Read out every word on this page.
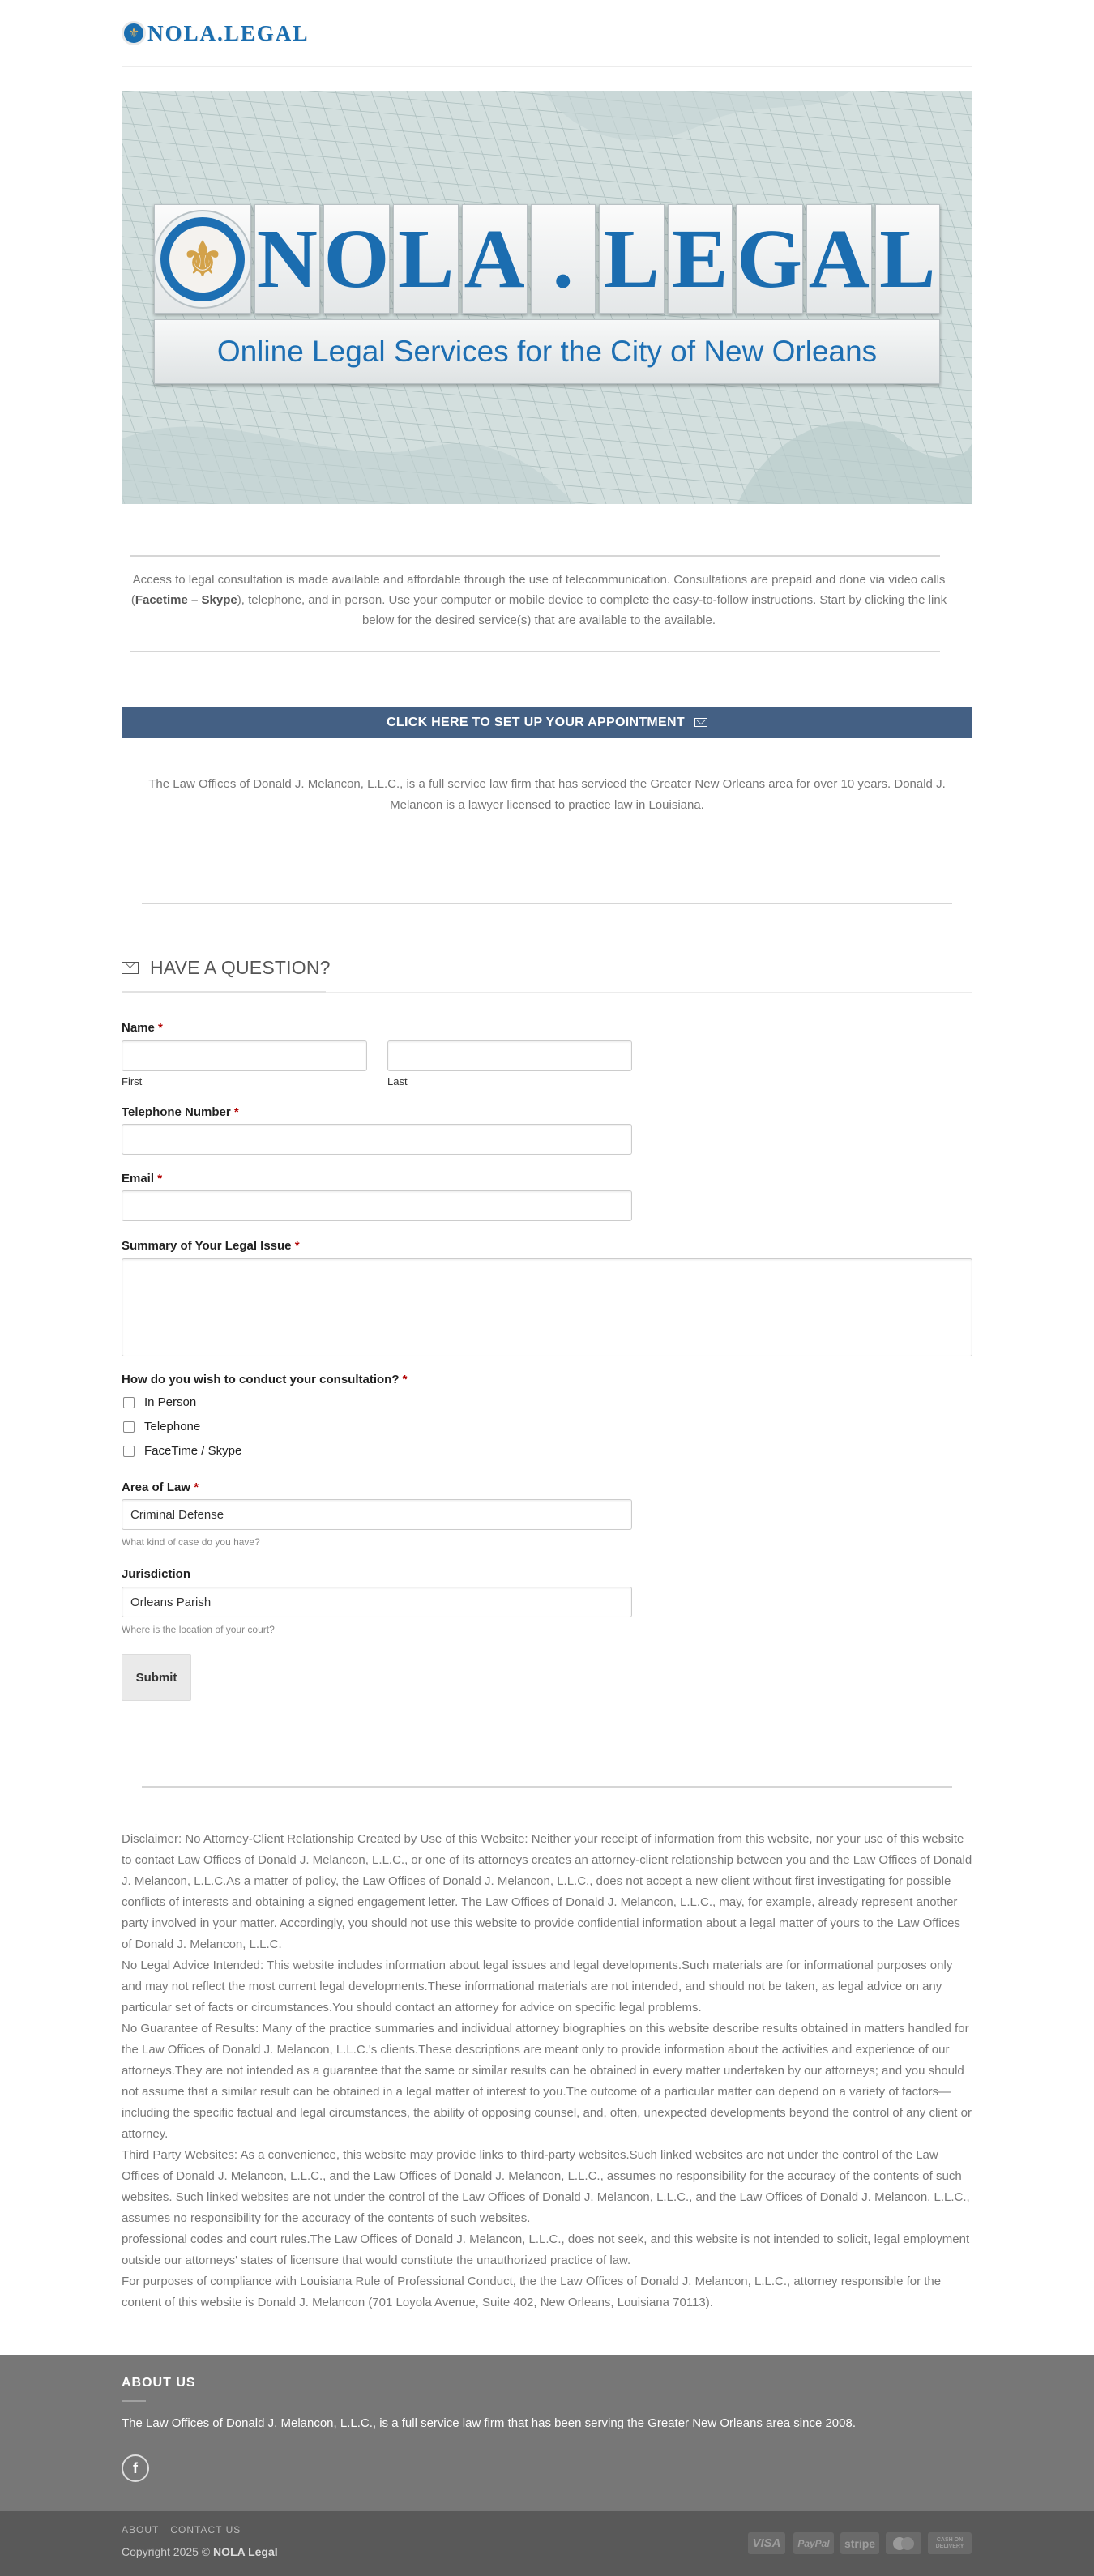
⚜ NOLA.LEGAL
⚜ N O L A . L E G A L
Online Legal Services for the City of New Orleans
Access to legal consultation is made available and affordable through the use of telecommunication. Consultations are prepaid and done via video calls (Facetime – Skype), telephone, and in person. Use your computer or mobile device to complete the easy-to-follow instructions. Start by clicking the link below for the desired service(s) that are available to the available.
CLICK HERE TO SET UP YOUR APPOINTMENT
The Law Offices of Donald J. Melancon, L.L.C., is a full service law firm that has serviced the Greater New Orleans area for over 10 years. Donald J. Melancon is a lawyer licensed to practice law in Louisiana.
HAVE A QUESTION?
Name *
First	Last
Telephone Number *
Email *
Summary of Your Legal Issue *
How do you wish to conduct your consultation? *
In Person
Telephone
FaceTime / Skype
Area of Law *
Criminal Defense
What kind of case do you have?
Jurisdiction
Orleans Parish
Where is the location of your court?
Submit
Disclaimer: No Attorney-Client Relationship Created by Use of this Website: Neither your receipt of information from this website, nor your use of this website to contact Law Offices of Donald J. Melancon, L.L.C., or one of its attorneys creates an attorney-client relationship between you and the Law Offices of Donald J. Melancon, L.L.C.As a matter of policy, the Law Offices of Donald J. Melancon, L.L.C., does not accept a new client without first investigating for possible conflicts of interests and obtaining a signed engagement letter. The Law Offices of Donald J. Melancon, L.L.C., may, for example, already represent another party involved in your matter. Accordingly, you should not use this website to provide confidential information about a legal matter of yours to the Law Offices of Donald J. Melancon, L.L.C.
No Legal Advice Intended: This website includes information about legal issues and legal developments.Such materials are for informational purposes only and may not reflect the most current legal developments.These informational materials are not intended, and should not be taken, as legal advice on any particular set of facts or circumstances.You should contact an attorney for advice on specific legal problems.
No Guarantee of Results: Many of the practice summaries and individual attorney biographies on this website describe results obtained in matters handled for the Law Offices of Donald J. Melancon, L.L.C.'s clients.These descriptions are meant only to provide information about the activities and experience of our attorneys.They are not intended as a guarantee that the same or similar results can be obtained in every matter undertaken by our attorneys; and you should not assume that a similar result can be obtained in a legal matter of interest to you.The outcome of a particular matter can depend on a variety of factors—including the specific factual and legal circumstances, the ability of opposing counsel, and, often, unexpected developments beyond the control of any client or attorney.
Third Party Websites: As a convenience, this website may provide links to third-party websites.Such linked websites are not under the control of the Law Offices of Donald J. Melancon, L.L.C., and the Law Offices of Donald J. Melancon, L.L.C., assumes no responsibility for the accuracy of the contents of such websites. Such linked websites are not under the control of the Law Offices of Donald J. Melancon, L.L.C., and the Law Offices of Donald J. Melancon, L.L.C., assumes no responsibility for the accuracy of the contents of such websites.
professional codes and court rules.The Law Offices of Donald J. Melancon, L.L.C., does not seek, and this website is not intended to solicit, legal employment outside our attorneys' states of licensure that would constitute the unauthorized practice of law.
For purposes of compliance with Louisiana Rule of Professional Conduct, the the Law Offices of Donald J. Melancon, L.L.C., attorney responsible for the content of this website is Donald J. Melancon (701 Loyola Avenue, Suite 402, New Orleans, Louisiana 70113).
ABOUT US
The Law Offices of Donald J. Melancon, L.L.C., is a full service law firm that has been serving the Greater New Orleans area since 2008.
f
ABOUT CONTACT US
Copyright 2025 © NOLA Legal
VISA	PayPal	stripe	CASH ON DELIVERY
